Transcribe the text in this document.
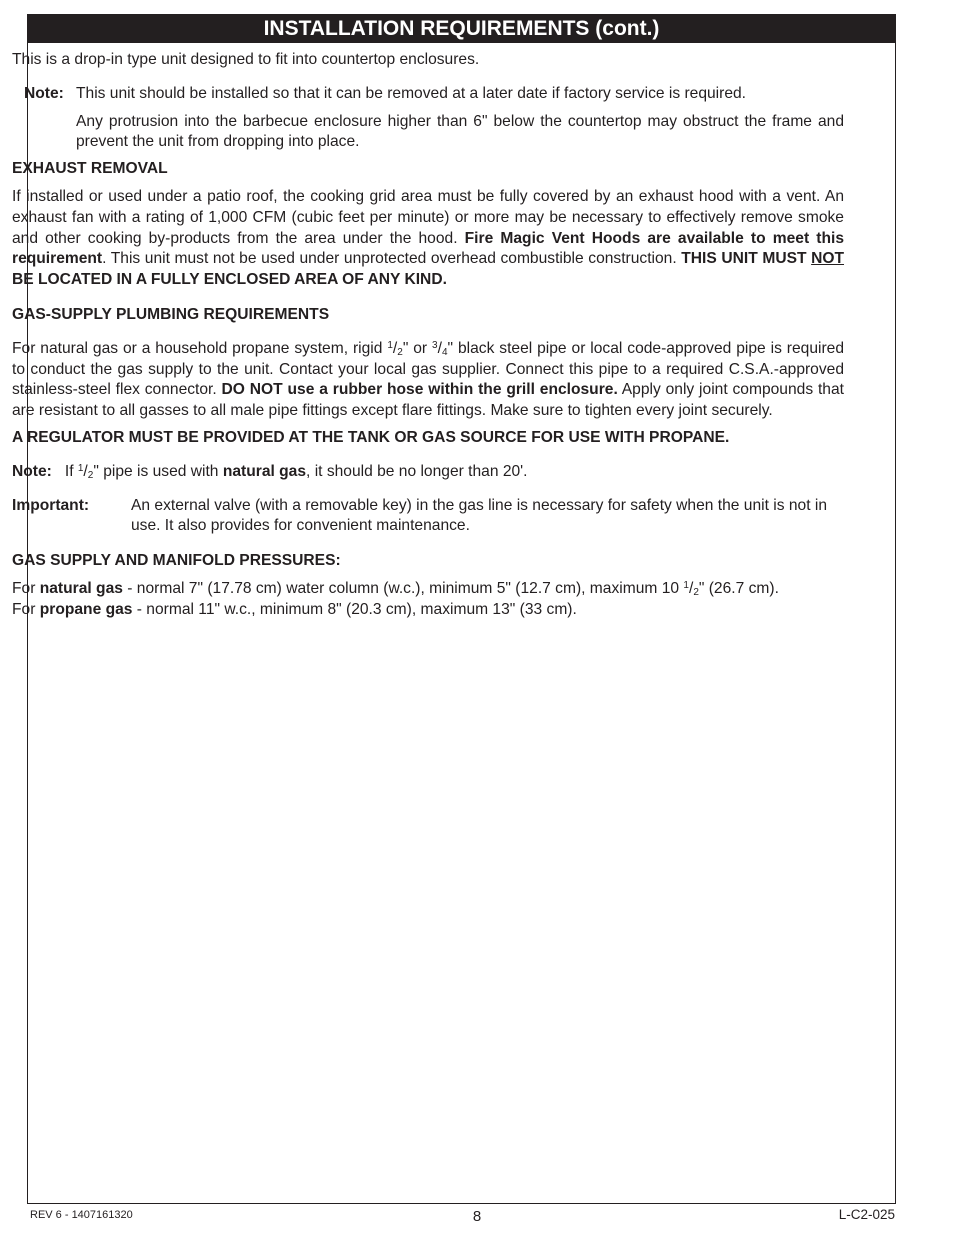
INSTALLATION REQUIREMENTS (cont.)

This is a drop-in type unit designed to fit into countertop enclosures.

Note: This unit should be installed so that it can be removed at a later date if factory service is required.

Any protrusion into the barbecue enclosure higher than 6" below the countertop may obstruct the frame and prevent the unit from dropping into place.

EXHAUST REMOVAL

If installed or used under a patio roof, the cooking grid area must be fully covered by an exhaust hood with a vent. An exhaust fan with a rating of 1,000 CFM (cubic feet per minute) or more may be necessary to effectively remove smoke and other cooking by-products from the area under the hood. Fire Magic Vent Hoods are available to meet this requirement. This unit must not be used under unprotected overhead combustible construction. THIS UNIT MUST NOT BE LOCATED IN A FULLY ENCLOSED AREA OF ANY KIND.

GAS-SUPPLY PLUMBING REQUIREMENTS

For natural gas or a household propane system, rigid $^1/_2$" or $^3/_4$" black steel pipe or local code-approved pipe is required to conduct the gas supply to the unit. Contact your local gas supplier. Connect this pipe to a required C.S.A.-approved stainless-steel flex connector. DO NOT use a rubber hose within the grill enclosure. Apply only joint compounds that are resistant to all gasses to all male pipe fittings except flare fittings. Make sure to tighten every joint securely.

A REGULATOR MUST BE PROVIDED AT THE TANK OR GAS SOURCE FOR USE WITH PROPANE.

Note: If $^1/_2$" pipe is used with natural gas, it should be no longer than 20'.

Important:	An external valve (with a removable key) in the gas line is necessary for safety when the unit is not in use. It also provides for convenient maintenance.

GAS SUPPLY AND MANIFOLD PRESSURES:

For natural gas - normal 7" (17.78 cm) water column (w.c.), minimum 5" (12.7 cm), maximum 10 $^1/_2$" (26.7 cm).

For propane gas - normal 11" w.c., minimum 8" (20.3 cm), maximum 13" (33 cm).

REV 6 - 1407161320	8	L-C2-025
